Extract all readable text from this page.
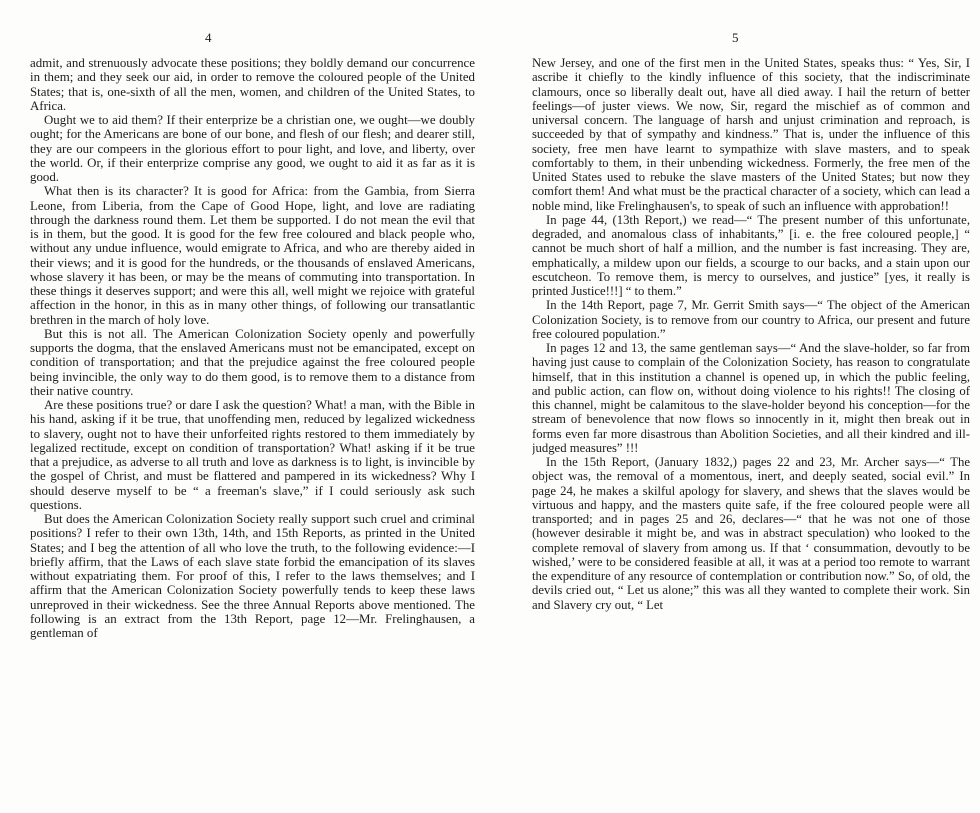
4

admit, and strenuously advocate these positions; they boldly demand our concurrence in them; and they seek our aid, in order to remove the coloured people of the United States; that is, one-sixth of all the men, women, and children of the United States, to Africa.

Ought we to aid them? If their enterprize be a christian one, we ought—we doubly ought; for the Americans are bone of our bone, and flesh of our flesh; and dearer still, they are our compeers in the glorious effort to pour light, and love, and liberty, over the world. Or, if their enterprize comprise any good, we ought to aid it as far as it is good.

What then is its character? It is good for Africa: from the Gambia, from Sierra Leone, from Liberia, from the Cape of Good Hope, light, and love are radiating through the darkness round them. Let them be supported. I do not mean the evil that is in them, but the good. It is good for the few free coloured and black people who, without any undue influence, would emigrate to Africa, and who are thereby aided in their views; and it is good for the hundreds, or the thousands of enslaved Americans, whose slavery it has been, or may be the means of commuting into transportation. In these things it deserves support; and were this all, well might we rejoice with grateful affection in the honor, in this as in many other things, of following our transatlantic brethren in the march of holy love.

But this is not all. The American Colonization Society openly and powerfully supports the dogma, that the enslaved Americans must not be emancipated, except on condition of transportation; and that the prejudice against the free coloured people being invincible, the only way to do them good, is to remove them to a distance from their native country.

Are these positions true? or dare I ask the question? What! a man, with the Bible in his hand, asking if it be true, that unoffending men, reduced by legalized wickedness to slavery, ought not to have their unforfeited rights restored to them immediately by legalized rectitude, except on condition of transportation? What! asking if it be true that a prejudice, as adverse to all truth and love as darkness is to light, is invincible by the gospel of Christ, and must be flattered and pampered in its wickedness? Why I should deserve myself to be “ a freeman's slave,” if I could seriously ask such questions.

But does the American Colonization Society really support such cruel and criminal positions? I refer to their own 13th, 14th, and 15th Reports, as printed in the United States; and I beg the attention of all who love the truth, to the following evidence:—I briefly affirm, that the Laws of each slave state forbid the emancipation of its slaves without expatriating them. For proof of this, I refer to the laws themselves; and I affirm that the American Colonization Society powerfully tends to keep these laws unreproved in their wickedness. See the three Annual Reports above mentioned. The following is an extract from the 13th Report, page 12—Mr. Frelinghausen, a gentleman of

5

New Jersey, and one of the first men in the United States, speaks thus: “ Yes, Sir, I ascribe it chiefly to the kindly influence of this society, that the indiscriminate clamours, once so liberally dealt out, have all died away. I hail the return of better feelings—of juster views. We now, Sir, regard the mischief as of common and universal concern. The language of harsh and unjust crimination and reproach, is succeeded by that of sympathy and kindness.” That is, under the influence of this society, free men have learnt to sympathize with slave masters, and to speak comfortably to them, in their unbending wickedness. Formerly, the free men of the United States used to rebuke the slave masters of the United States; but now they comfort them! And what must be the practical character of a society, which can lead a noble mind, like Frelinghausen's, to speak of such an influence with approbation!!

In page 44, (13th Report,) we read—“ The present number of this unfortunate, degraded, and anomalous class of inhabitants,” [i. e. the free coloured people,] “ cannot be much short of half a million, and the number is fast increasing. They are, emphatically, a mildew upon our fields, a scourge to our backs, and a stain upon our escutcheon. To remove them, is mercy to ourselves, and justice” [yes, it really is printed Justice!!!] “ to them.”

In the 14th Report, page 7, Mr. Gerrit Smith says—“ The object of the American Colonization Society, is to remove from our country to Africa, our present and future free coloured population.”

In pages 12 and 13, the same gentleman says—“ And the slave-holder, so far from having just cause to complain of the Colonization Society, has reason to congratulate himself, that in this institution a channel is opened up, in which the public feeling, and public action, can flow on, without doing violence to his rights!! The closing of this channel, might be calamitous to the slave-holder beyond his conception—for the stream of benevolence that now flows so innocently in it, might then break out in forms even far more disastrous than Abolition Societies, and all their kindred and ill-judged measures” !!!

In the 15th Report, (January 1832,) pages 22 and 23, Mr. Archer says—“ The object was, the removal of a momentous, inert, and deeply seated, social evil.” In page 24, he makes a skilful apology for slavery, and shews that the slaves would be virtuous and happy, and the masters quite safe, if the free coloured people were all transported; and in pages 25 and 26, declares—“ that he was not one of those (however desirable it might be, and was in abstract speculation) who looked to the complete removal of slavery from among us. If that ‘ consummation, devoutly to be wished,’ were to be considered feasible at all, it was at a period too remote to warrant the expenditure of any resource of contemplation or contribution now.” So, of old, the devils cried out, “ Let us alone;” this was all they wanted to complete their work. Sin and Slavery cry out, “ Let
